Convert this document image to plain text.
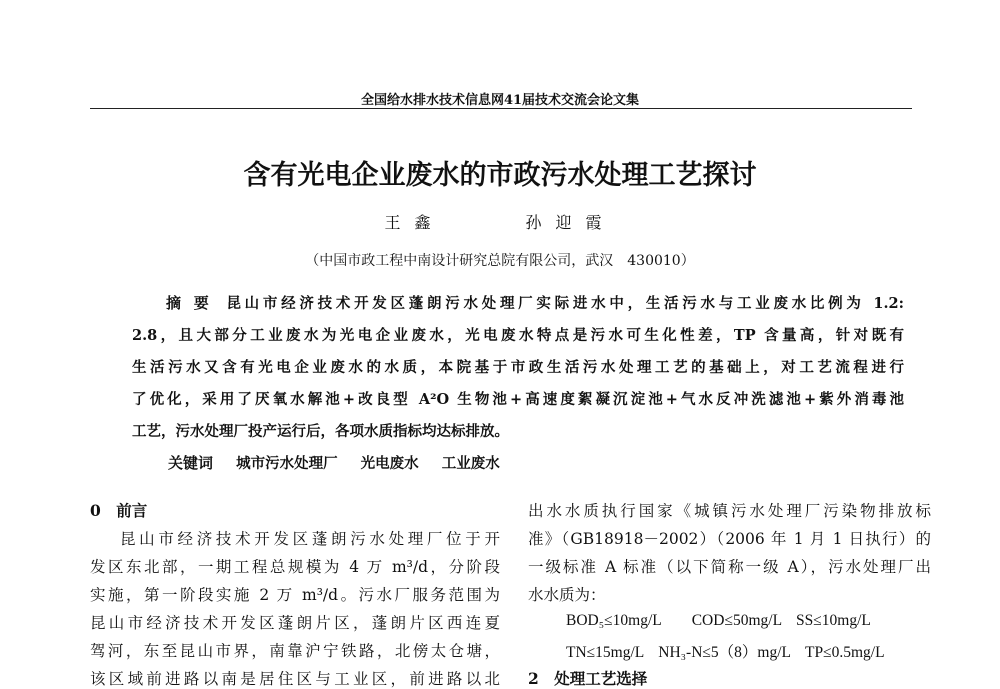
全国给水排水技术信息网41届技术交流会论文集
含有光电企业废水的市政污水处理工艺探讨
王鑫	孙迎霞
（中国市政工程中南设计研究总院有限公司，武汉　430010）
摘 要 昆山市经济技术开发区蓬朗污水处理厂实际进水中，生活污水与工业废水比例为 1.2:
2.8，且大部分工业废水为光电企业废水，光电废水特点是污水可生化性差，TP 含量高，针对既有
生活污水又含有光电企业废水的水质，本院基于市政生活污水处理工艺的基础上，对工艺流程进行
了优化，采用了厌氧水解池+改良型 A²O 生物池+高速度絮凝沉淀池+气水反冲洗滤池+紫外消毒池
工艺，污水处理厂投产运行后，各项水质指标均达标排放。
关键词 城市污水处理厂 光电废水 工业废水
0　前言
昆山市经济技术开发区蓬朗污水处理厂位于开
发区东北部，一期工程总规模为 4 万 m³/d，分阶段
实施，第一阶段实施 2 万 m³/d。污水厂服务范围为
昆山市经济技术开发区蓬朗片区，蓬朗片区西连夏
驾河，东至昆山市界，南靠沪宁铁路，北傍太仓塘，
该区域前进路以南是居住区与工业区，前进路以北
出水水质执行国家《城镇污水处理厂污染物排放标
准》（GB18918－2002）（2006 年 1 月 1 日执行）的
一级标准 A 标准（以下简称一级 A），污水处理厂出
水水质为：
BOD₅≤10mg/L COD≤50mg/L SS≤10mg/L
TN≤15mg/L NH₃-N≤5（8）mg/L TP≤0.5mg/L
2　处理工艺选择
